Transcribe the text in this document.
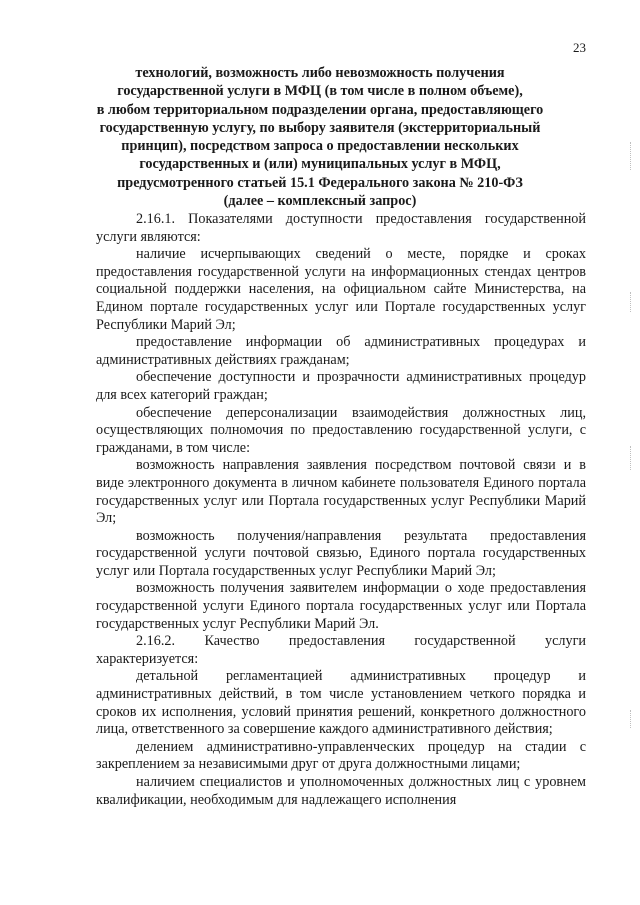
23
технологий, возможность либо невозможность получения
государственной услуги в МФЦ (в том числе в полном объеме),
в любом территориальном подразделении органа, предоставляющего
государственную услугу, по выбору заявителя (экстерриториальный
принцип), посредством запроса о предоставлении нескольких
государственных и (или) муниципальных услуг в МФЦ,
предусмотренного статьей 15.1 Федерального закона № 210-ФЗ
(далее – комплексный запрос)

2.16.1. Показателями доступности предоставления государственной услуги являются:

наличие исчерпывающих сведений о месте, порядке и сроках предоставления государственной услуги на информационных стендах центров социальной поддержки населения, на официальном сайте Министерства, на Едином портале государственных услуг или Портале государственных услуг Республики Марий Эл;

предоставление информации об административных процедурах и административных действиях гражданам;

обеспечение доступности и прозрачности административных процедур для всех категорий граждан;

обеспечение деперсонализации взаимодействия должностных лиц, осуществляющих полномочия по предоставлению государственной услуги, с гражданами, в том числе:

возможность направления заявления посредством почтовой связи и в виде электронного документа в личном кабинете пользователя Единого портала государственных услуг или Портала государственных услуг Республики Марий Эл;

возможность получения/направления результата предоставления государственной услуги почтовой связью, Единого портала государственных услуг или Портала государственных услуг Республики Марий Эл;

возможность получения заявителем информации о ходе предоставления государственной услуги Единого портала государственных услуг или Портала государственных услуг Республики Марий Эл.

2.16.2. Качество предоставления государственной услуги характеризуется:

детальной регламентацией административных процедур и административных действий, в том числе установлением четкого порядка и сроков их исполнения, условий принятия решений, конкретного должностного лица, ответственного за совершение каждого административного действия;

делением административно-управленческих процедур на стадии с закреплением за независимыми друг от друга должностными лицами;

наличием специалистов и уполномоченных должностных лиц с уровнем квалификации, необходимым для надлежащего исполнения
